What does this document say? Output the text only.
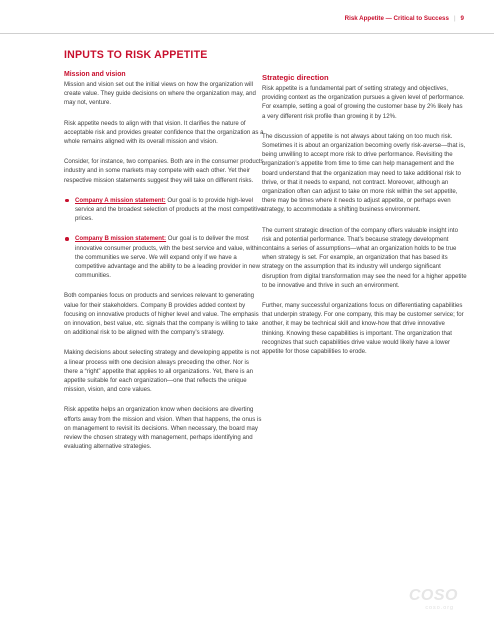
Risk Appetite — Critical to Success | 9
INPUTS TO RISK APPETITE
Mission and vision

Mission and vision set out the initial views on how the organization will create value. They guide decisions on where the organization may, and may not, venture.

Risk appetite needs to align with that vision. It clarifies the nature of acceptable risk and provides greater confidence that the organization as a whole remains aligned with its overall mission and vision.

Consider, for instance, two companies. Both are in the consumer products industry and in some markets may compete with each other. Yet their respective mission statements suggest they will take on different risks.

Company A mission statement: Our goal is to provide high-level service and the broadest selection of products at the most competitive prices.
Company B mission statement: Our goal is to deliver the most innovative consumer products, with the best service and value, within the communities we serve. We will expand only if we have a competitive advantage and the ability to be a leading provider in new communities.

Both companies focus on products and services relevant to generating value for their stakeholders. Company B provides added context by focusing on innovative products of higher level and value. The emphasis on innovation, best value, etc. signals that the company is willing to take on additional risk to be aligned with the company’s strategy.

Making decisions about selecting strategy and developing appetite is not a linear process with one decision always preceding the other. Nor is there a “right” appetite that applies to all organizations. Yet, there is an appetite suitable for each organization—one that reflects the unique mission, vision, and core values.

Risk appetite helps an organization know when decisions are diverting efforts away from the mission and vision. When that happens, the onus is on management to revisit its decisions. When necessary, the board may review the chosen strategy with management, perhaps identifying and evaluating alternative strategies.

Strategic direction

Risk appetite is a fundamental part of setting strategy and objectives, providing context as the organization pursues a given level of performance. For example, setting a goal of growing the customer base by 2% likely has a very different risk profile than growing it by 12%.

The discussion of appetite is not always about taking on too much risk. Sometimes it is about an organization becoming overly risk-averse—that is, being unwilling to accept more risk to drive performance. Revisiting the organization’s appetite from time to time can help management and the board understand that the organization may need to take additional risk to thrive, or that it needs to expand, not contract. Moreover, although an organization often can adjust to take on more risk within the set appetite, there may be times where it needs to adjust appetite, or perhaps even strategy, to accommodate a shifting business environment.

The current strategic direction of the company offers valuable insight into risk and potential performance. That’s because strategy development contains a series of assumptions—what an organization holds to be true when strategy is set. For example, an organization that has based its strategy on the assumption that its industry will undergo significant disruption from digital transformation may see the need for a higher appetite to be innovative and thrive in such an environment.

Further, many successful organizations focus on differentiating capabilities that underpin strategy. For one company, this may be customer service; for another, it may be technical skill and know-how that drive innovative thinking. Knowing these capabilities is important. The organization that recognizes that such capabilities drive value would likely have a lower appetite for those capabilities to erode.

COSO
coso.org
